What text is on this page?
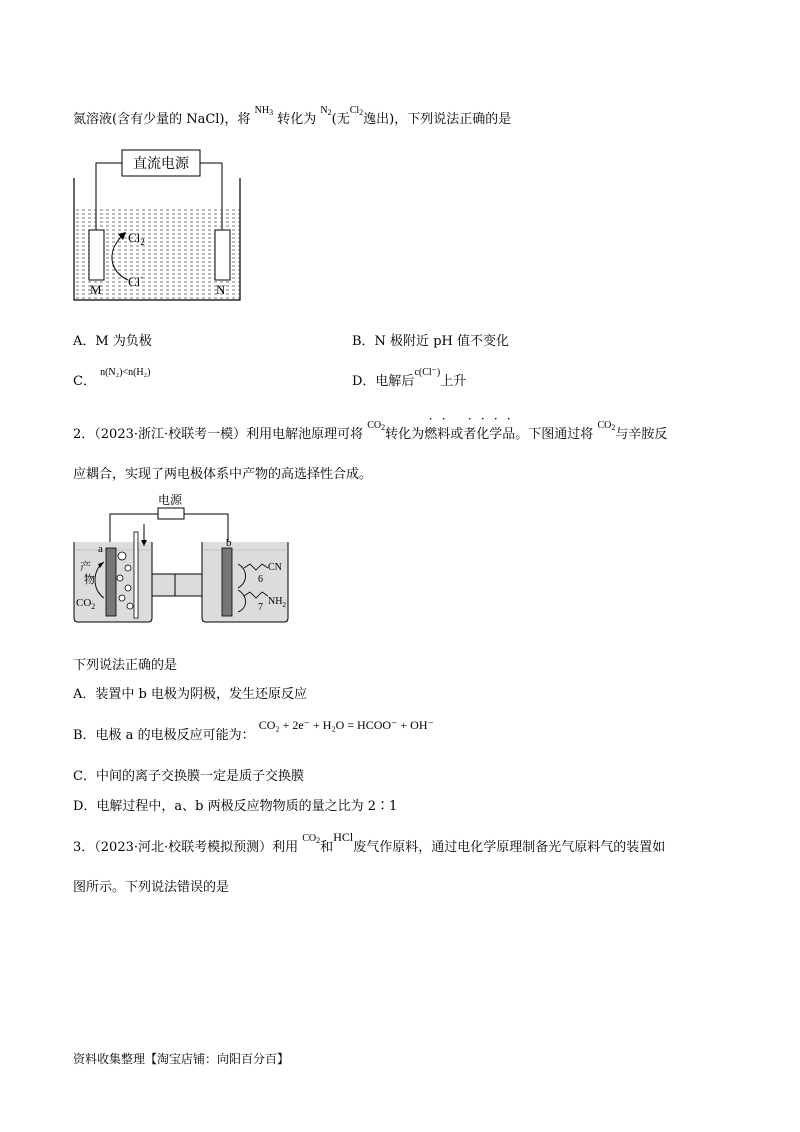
氮溶液(含有少量的 NaCl)，将 $^{NH_3}$ 转化为 $^{N_2}$(无$^{Cl_2}$逸出)，下列说法正确的是
直流电源
$Cl_2$
Cl-
M	N
A．M 为负极	B．N 极附近 pH 值不变化
C． $^{n(N_2)<n(H_2)}$
D．电解后$^{c(Cl^-)}$上升
2．（2023·浙江·校联考一模）利用电解池原理可将 $^{CO_2}$转化为燃料或者化学品。下图通过将 $^{CO_2}$与辛胺反
应耦合，实现了两电极体系中产物的高选择性合成。
电源
a	b
产
物
$CO_2$
CN
$NH_2$
6
7
下列说法正确的是
A．装置中 b 电极为阴极，发生还原反应
B．电极 a 的电极反应可能为： CO₂ + 2e⁻ + H₂O = HCOO⁻ + OH⁻
C．中间的离子交换膜一定是质子交换膜
D．电解过程中，a、b 两极反应物物质的量之比为 2∶1
3．（2023·河北·校联考模拟预测）利用 $^{CO_2}$和HCl废气作原料，通过电化学原理制备光气原料气的装置如
图所示。下列说法错误的是
资料收集整理【淘宝店铺：向阳百分百】
